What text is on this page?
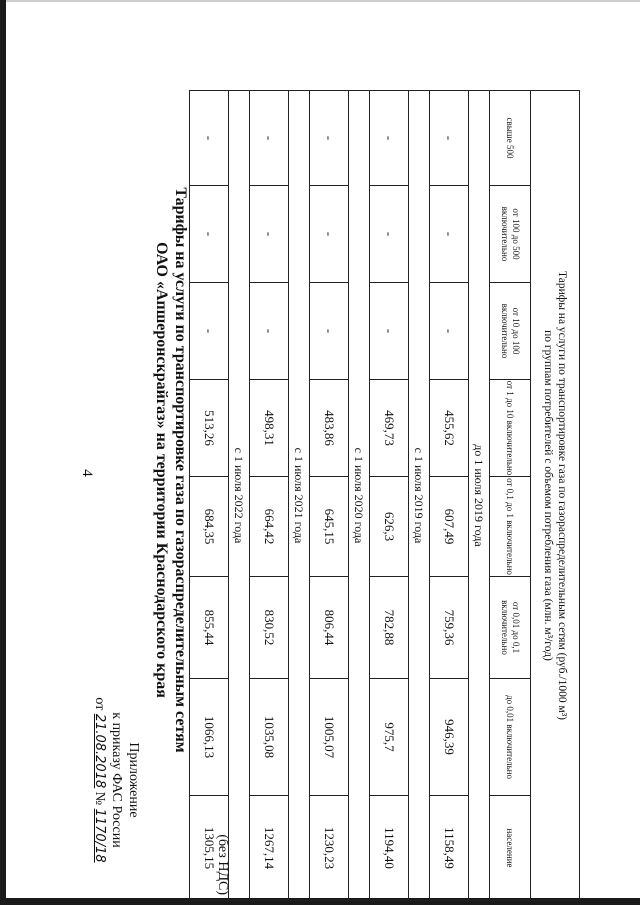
4
Приложение
к приказу ФАС России
от 21.08.2018 № 1170/18
Тарифы на услуги по транспортировке газа по газораспределительным сетям
ОАО «Апшеронскрайгаз» на территории Краснодарского края
(без НДС)
Тарифы на услуги по транспортировке газа по газораспределительным сетям (руб./1000 м³)
по группам потребителей с объемом потребления газа (млн. м³/год)							

свыше 500	от 100 до 500 включительно	от 10 до 100 включительно	от 1 до 10 включительно	от 0,1 до 1 включительно	от 0,01 до 0,1 включительно	до 0,01 включительно	население
до 1 июля 2019 года							
-	-	-	455,62	607,49	759,36	946,39	1158,49
с 1 июля 2019 года							
-	-	-	469,73	626,3	782,88	975,7	1194,40
с 1 июля 2020 года							
-	-	-	483,86	645,15	806,44	1005,07	1230,23
с 1 июля 2021 года							
-	-	-	498,31	664,42	830,52	1035,08	1267,14
с 1 июля 2022 года							
-	-	-	513,26	684,35	855,44	1066,13	1305,15
